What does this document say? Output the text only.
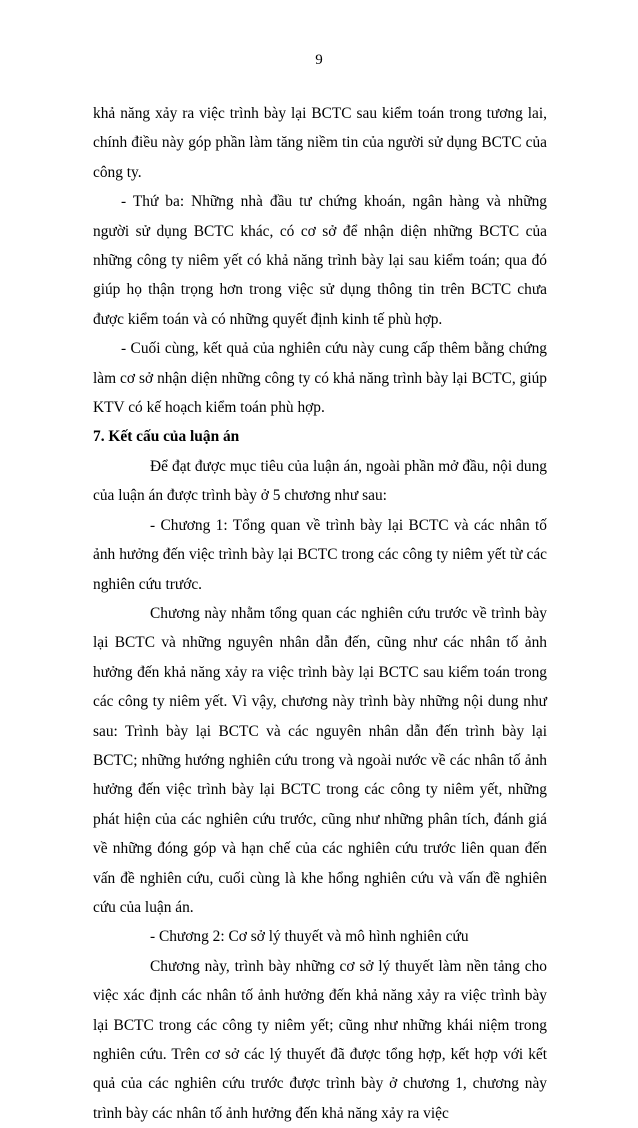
9

khả năng xảy ra việc trình bày lại BCTC sau kiểm toán trong tương lai, chính điều này góp phần làm tăng niềm tin của người sử dụng BCTC của công ty.

- Thứ ba: Những nhà đầu tư chứng khoán, ngân hàng và những người sử dụng BCTC khác, có cơ sở để nhận diện những BCTC của những công ty niêm yết có khả năng trình bày lại sau kiểm toán; qua đó giúp họ thận trọng hơn trong việc sử dụng thông tin trên BCTC chưa được kiểm toán và có những quyết định kinh tế phù hợp.

- Cuối cùng, kết quả của nghiên cứu này cung cấp thêm bằng chứng làm cơ sở nhận diện những công ty có khả năng trình bày lại BCTC, giúp KTV có kế hoạch kiểm toán phù hợp.

7. Kết cấu của luận án

Để đạt được mục tiêu của luận án, ngoài phần mở đầu, nội dung của luận án được trình bày ở 5 chương như sau:

- Chương 1: Tổng quan về trình bày lại BCTC và các nhân tố ảnh hưởng đến việc trình bày lại BCTC trong các công ty niêm yết từ các nghiên cứu trước.

Chương này nhằm tổng quan các nghiên cứu trước về trình bày lại BCTC và những nguyên nhân dẫn đến, cũng như các nhân tố ảnh hưởng đến khả năng xảy ra việc trình bày lại BCTC sau kiểm toán trong các công ty niêm yết. Vì vậy, chương này trình bày những nội dung như sau: Trình bày lại BCTC và các nguyên nhân dẫn đến trình bày lại BCTC; những hướng nghiên cứu trong và ngoài nước về các nhân tố ảnh hưởng đến việc trình bày lại BCTC trong các công ty niêm yết, những phát hiện của các nghiên cứu trước, cũng như những phân tích, đánh giá về những đóng góp và hạn chế của các nghiên cứu trước liên quan đến vấn đề nghiên cứu, cuối cùng là khe hổng nghiên cứu và vấn đề nghiên cứu của luận án.

- Chương 2: Cơ sở lý thuyết và mô hình nghiên cứu

Chương này, trình bày những cơ sở lý thuyết làm nền tảng cho việc xác định các nhân tố ảnh hưởng đến khả năng xảy ra việc trình bày lại BCTC trong các công ty niêm yết; cũng như những khái niệm trong nghiên cứu. Trên cơ sở các lý thuyết đã được tổng hợp, kết hợp với kết quả của các nghiên cứu trước được trình bày ở chương 1, chương này trình bày các nhân tố ảnh hưởng đến khả năng xảy ra việc
